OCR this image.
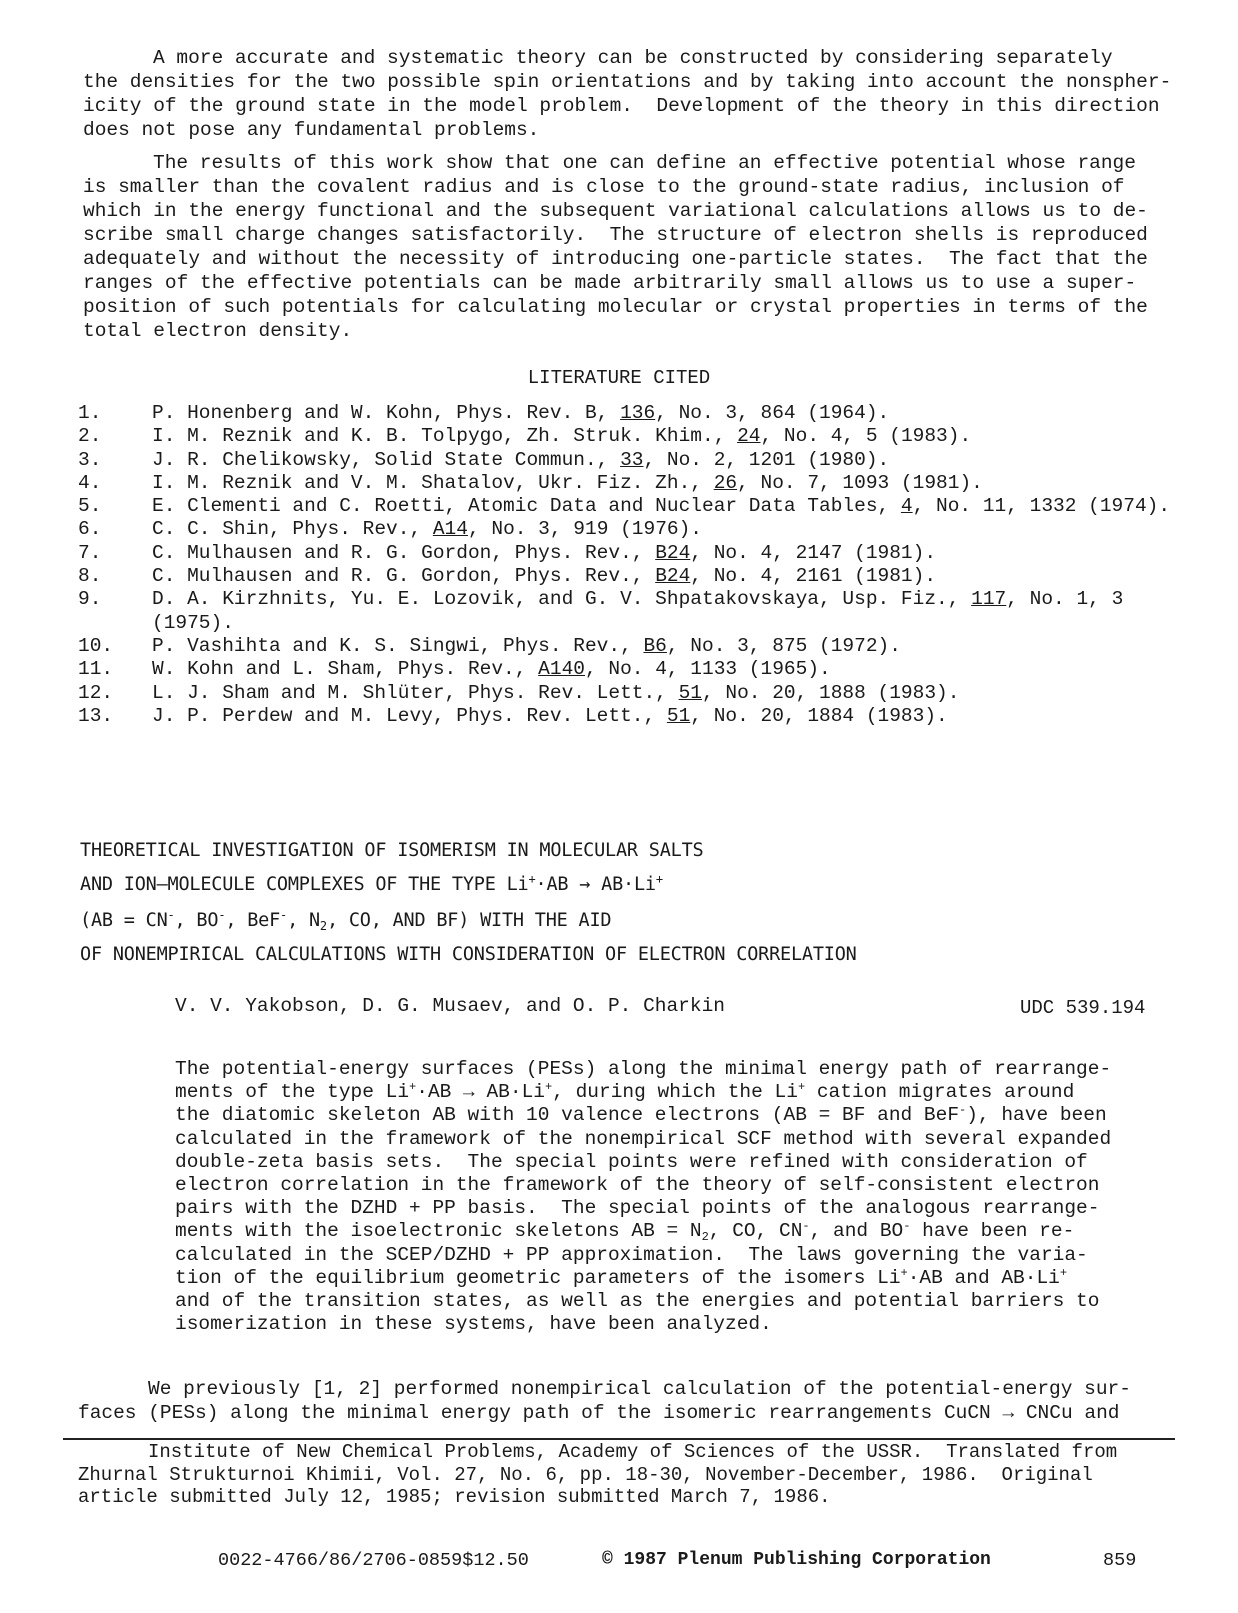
A more accurate and systematic theory can be constructed by considering separately
the densities for the two possible spin orientations and by taking into account the nonspher-
icity of the ground state in the model problem.  Development of the theory in this direction
does not pose any fundamental problems.
The results of this work show that one can define an effective potential whose range
is smaller than the covalent radius and is close to the ground-state radius, inclusion of
which in the energy functional and the subsequent variational calculations allows us to de-
scribe small charge changes satisfactorily.  The structure of electron shells is reproduced
adequately and without the necessity of introducing one-particle states.  The fact that the
ranges of the effective potentials can be made arbitrarily small allows us to use a super-
position of such potentials for calculating molecular or crystal properties in terms of the
total electron density.
LITERATURE CITED
1.	P. Honenberg and W. Kohn, Phys. Rev. B, 136, No. 3, 864 (1964).
2.	I. M. Reznik and K. B. Tolpygo, Zh. Struk. Khim., 24, No. 4, 5 (1983).
3.	J. R. Chelikowsky, Solid State Commun., 33, No. 2, 1201 (1980).
4.	I. M. Reznik and V. M. Shatalov, Ukr. Fiz. Zh., 26, No. 7, 1093 (1981).
5.	E. Clementi and C. Roetti, Atomic Data and Nuclear Data Tables, 4, No. 11, 1332 (1974).
6.	C. C. Shin, Phys. Rev., A14, No. 3, 919 (1976).
7.	C. Mulhausen and R. G. Gordon, Phys. Rev., B24, No. 4, 2147 (1981).
8.	C. Mulhausen and R. G. Gordon, Phys. Rev., B24, No. 4, 2161 (1981).
9.	D. A. Kirzhnits, Yu. E. Lozovik, and G. V. Shpatakovskaya, Usp. Fiz., 117, No. 1, 3 (1975).
10.	P. Vashihta and K. S. Singwi, Phys. Rev., B6, No. 3, 875 (1972).
11.	W. Kohn and L. Sham, Phys. Rev., A140, No. 4, 1133 (1965).
12.	L. J. Sham and M. Shlüter, Phys. Rev. Lett., 51, No. 20, 1888 (1983).
13.	J. P. Perdew and M. Levy, Phys. Rev. Lett., 51, No. 20, 1884 (1983).
THEORETICAL INVESTIGATION OF ISOMERISM IN MOLECULAR SALTS
AND ION–MOLECULE COMPLEXES OF THE TYPE Li+·AB → AB·Li+
(AB = CN-, BO-, BeF-, $N_2$, CO, AND BF) WITH THE AID
OF NONEMPIRICAL CALCULATIONS WITH CONSIDERATION OF ELECTRON CORRELATION
V. V. Yakobson, D. G. Musaev, and O. P. Charkin	UDC 539.194
The potential-energy surfaces (PESs) along the minimal energy path of rearrange-
ments of the type Li+·AB → AB·Li+, during which the Li+ cation migrates around
the diatomic skeleton AB with 10 valence electrons (AB = BF and BeF-), have been
calculated in the framework of the nonempirical SCF method with several expanded
double-zeta basis sets.  The special points were refined with consideration of
electron correlation in the framework of the theory of self-consistent electron
pairs with the DZHD + PP basis.  The special points of the analogous rearrange-
ments with the isoelectronic skeletons AB = $N_2$, CO, CN-, and BO- have been re-
calculated in the SCEP/DZHD + PP approximation.  The laws governing the varia-
tion of the equilibrium geometric parameters of the isomers Li+·AB and AB·Li+
and of the transition states, as well as the energies and potential barriers to
isomerization in these systems, have been analyzed.
We previously [1, 2] performed nonempirical calculation of the potential-energy sur-
faces (PESs) along the minimal energy path of the isomeric rearrangements CuCN → CNCu and
Institute of New Chemical Problems, Academy of Sciences of the USSR.  Translated from
Zhurnal Strukturnoi Khimii, Vol. 27, No. 6, pp. 18-30, November-December, 1986.  Original
article submitted July 12, 1985; revision submitted March 7, 1986.
0022-4766/86/2706-0859$12.50	© 1987 Plenum Publishing Corporation	859
